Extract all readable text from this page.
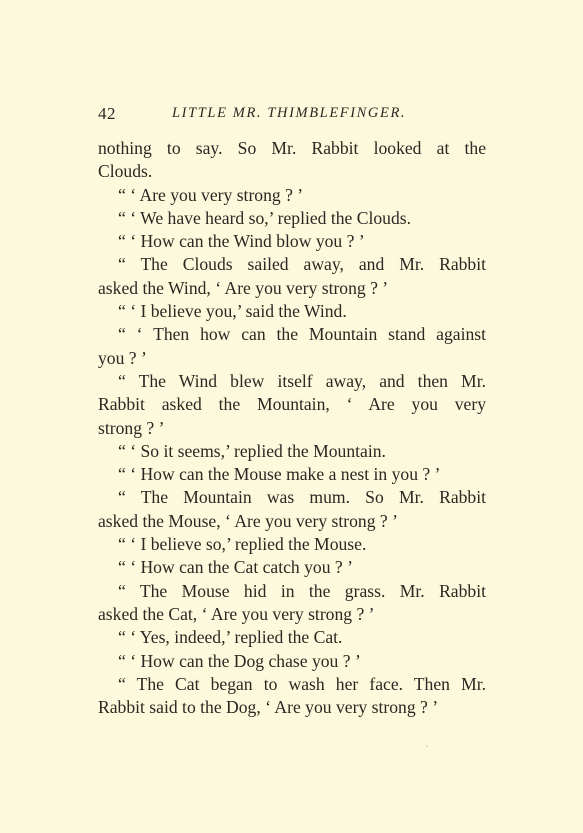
42	LITTLE MR. THIMBLEFINGER.
nothing to say. So Mr. Rabbit looked at the
Clouds.
“ ‘ Are you very strong ? ’
“ ‘ We have heard so,’ replied the Clouds.
“ ‘ How can the Wind blow you ? ’
“ The Clouds sailed away, and Mr. Rabbit
asked the Wind, ‘ Are you very strong ? ’
“ ‘ I believe you,’ said the Wind.
“ ‘ Then how can the Mountain stand against
you ? ’
“ The Wind blew itself away, and then Mr.
Rabbit asked the Mountain, ‘ Are you very
strong ? ’
“ ‘ So it seems,’ replied the Mountain.
“ ‘ How can the Mouse make a nest in you ? ’
“ The Mountain was mum. So Mr. Rabbit
asked the Mouse, ‘ Are you very strong ? ’
“ ‘ I believe so,’ replied the Mouse.
“ ‘ How can the Cat catch you ? ’
“ The Mouse hid in the grass. Mr. Rabbit
asked the Cat, ‘ Are you very strong ? ’
“ ‘ Yes, indeed,’ replied the Cat.
“ ‘ How can the Dog chase you ? ’
“ The Cat began to wash her face. Then Mr.
Rabbit said to the Dog, ‘ Are you very strong ? ’
